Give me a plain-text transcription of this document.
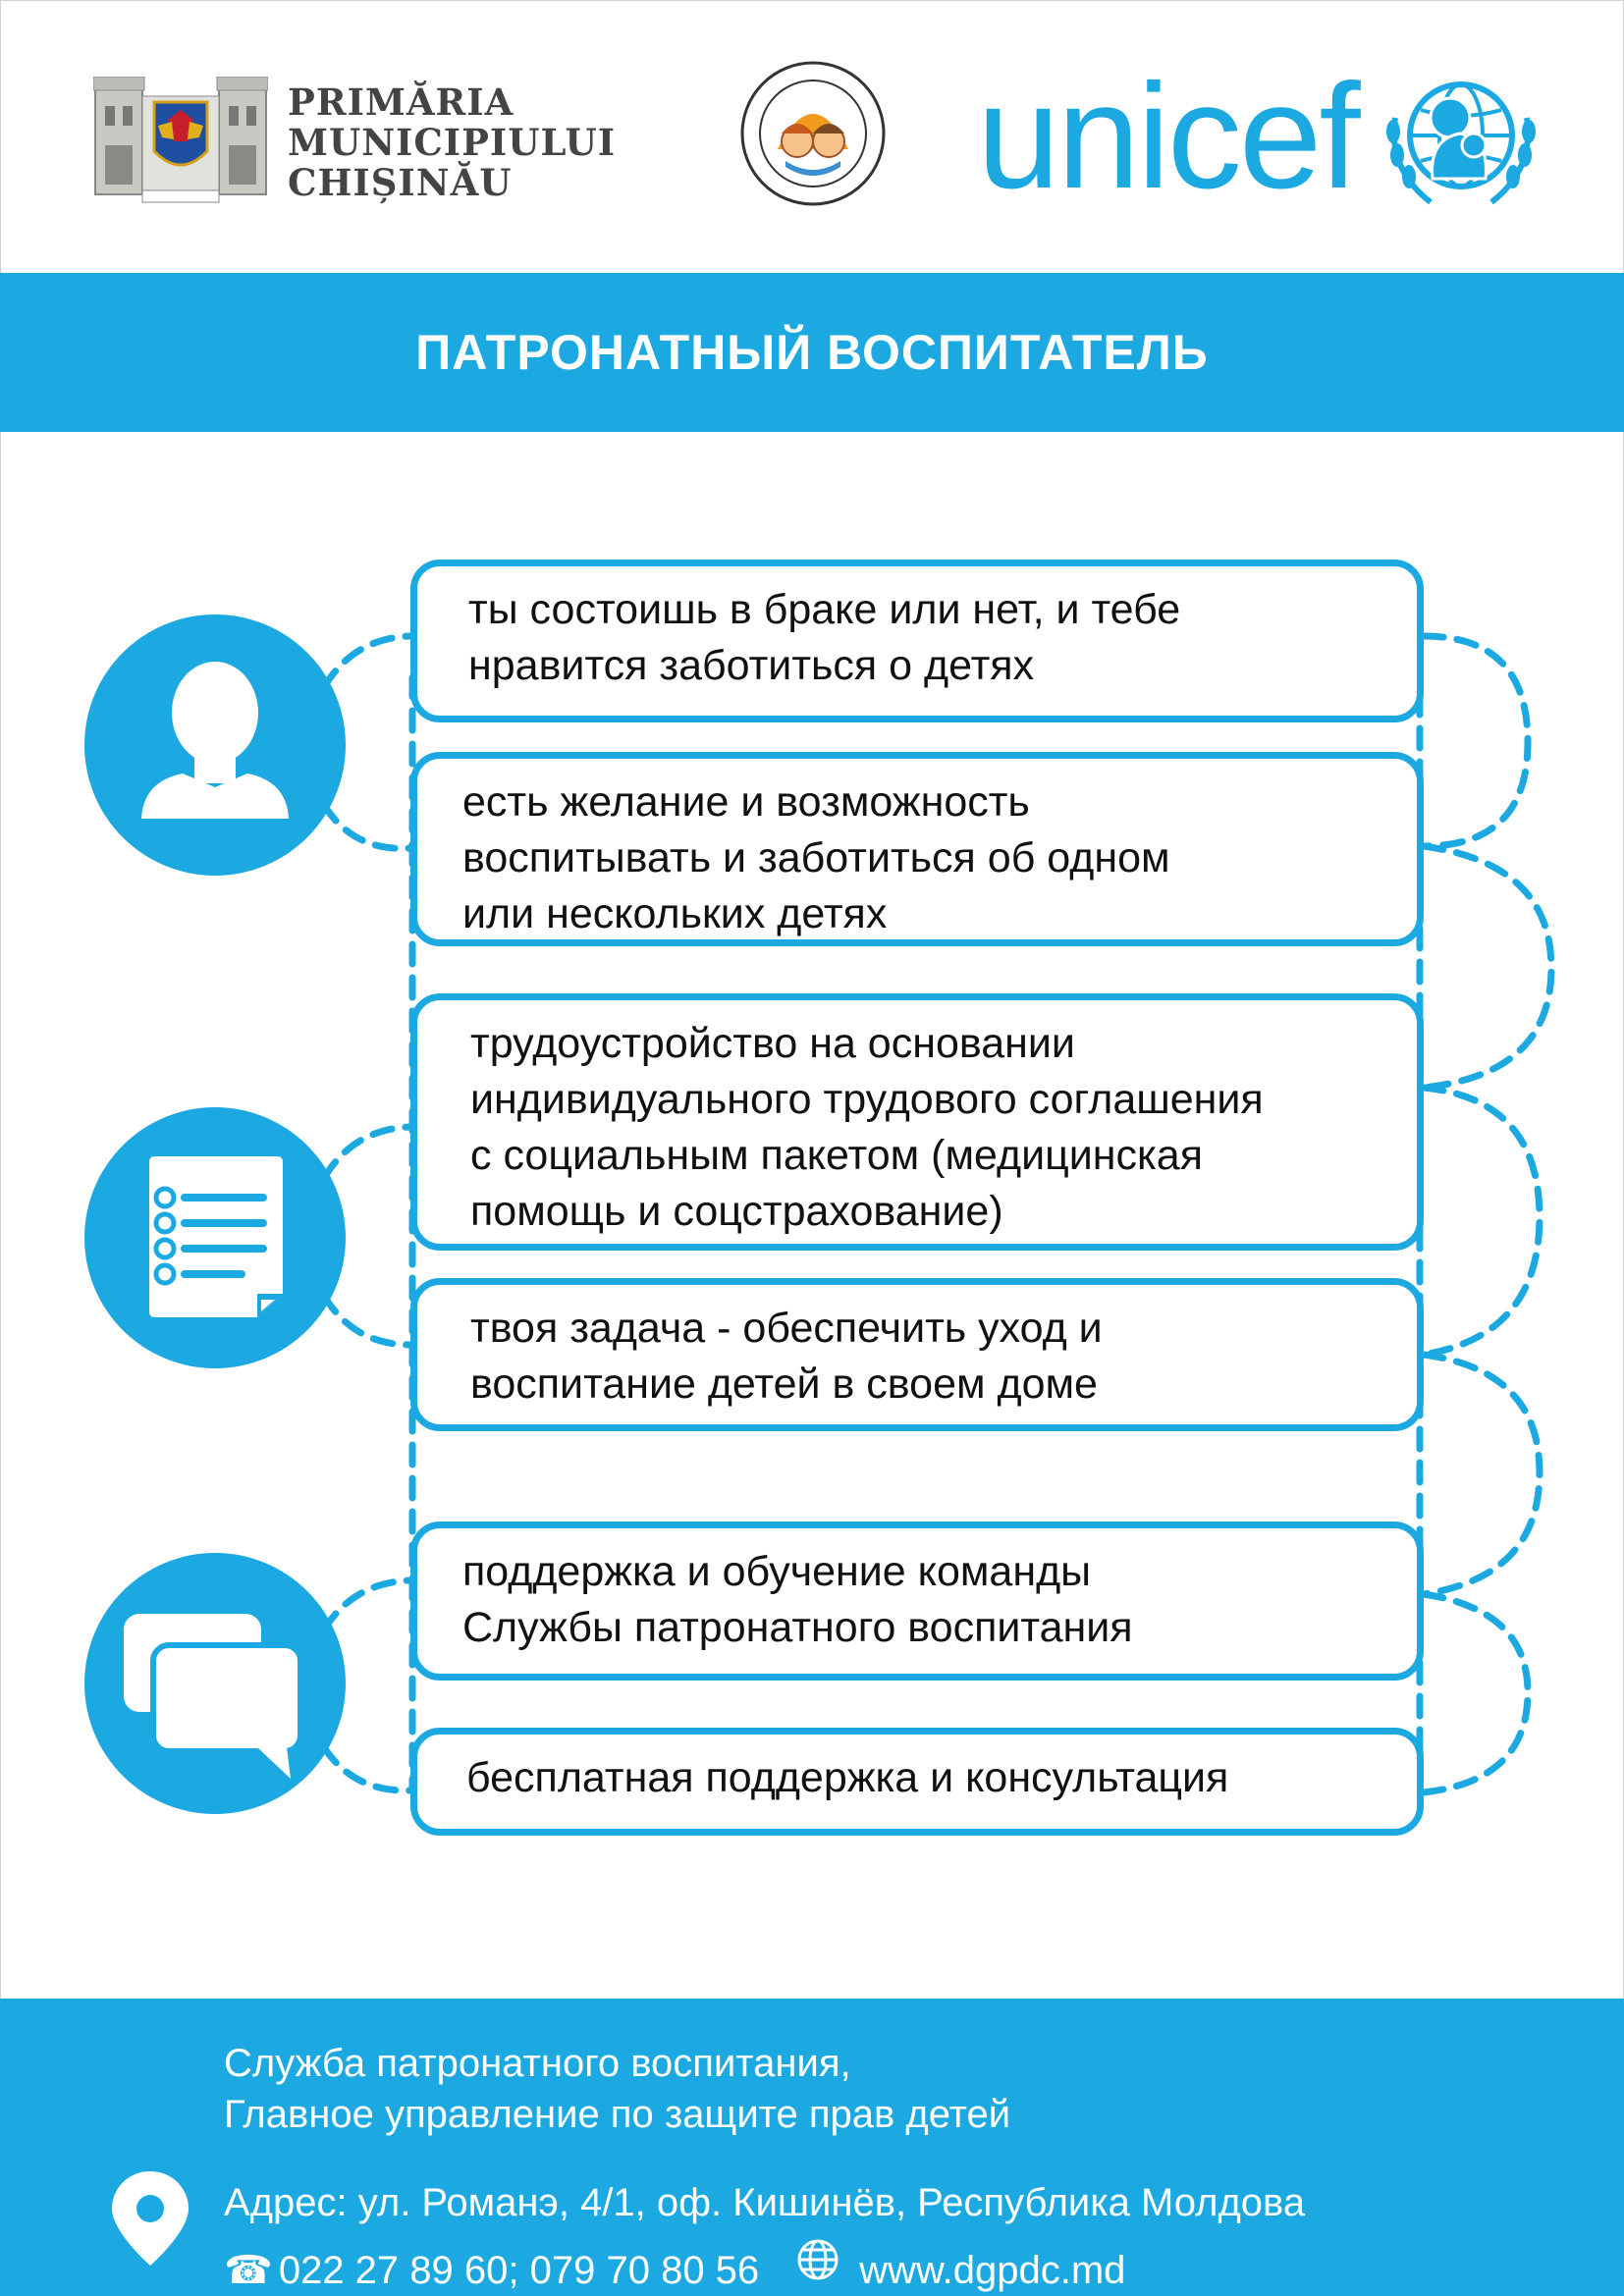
PRIMĂRIA
MUNICIPIULUI
CHIȘINĂU	unicef
ПАТРОНАТНЫЙ ВОСПИТАТЕЛЬ
ты состоишь в браке или нет, и тебе
нравится заботиться о детях
есть желание и возможность
воспитывать и заботиться об одном
или нескольких детях
трудоустройство на основании
индивидуального трудового соглашения
с социальным пакетом (медицинская
помощь и соцстрахование)
твоя задача - обеспечить уход и
воспитание детей в своем доме
поддержка и обучение команды
Службы патронатного воспитания
бесплатная поддержка и консультация
Служба патронатного воспитания,
Главное управление по защите прав детей
Адрес: ул. Романэ, 4/1, оф. Кишинёв, Республика Молдова
☎ 022 27 89 60; 079 70 80 56	www.dgpdc.md
